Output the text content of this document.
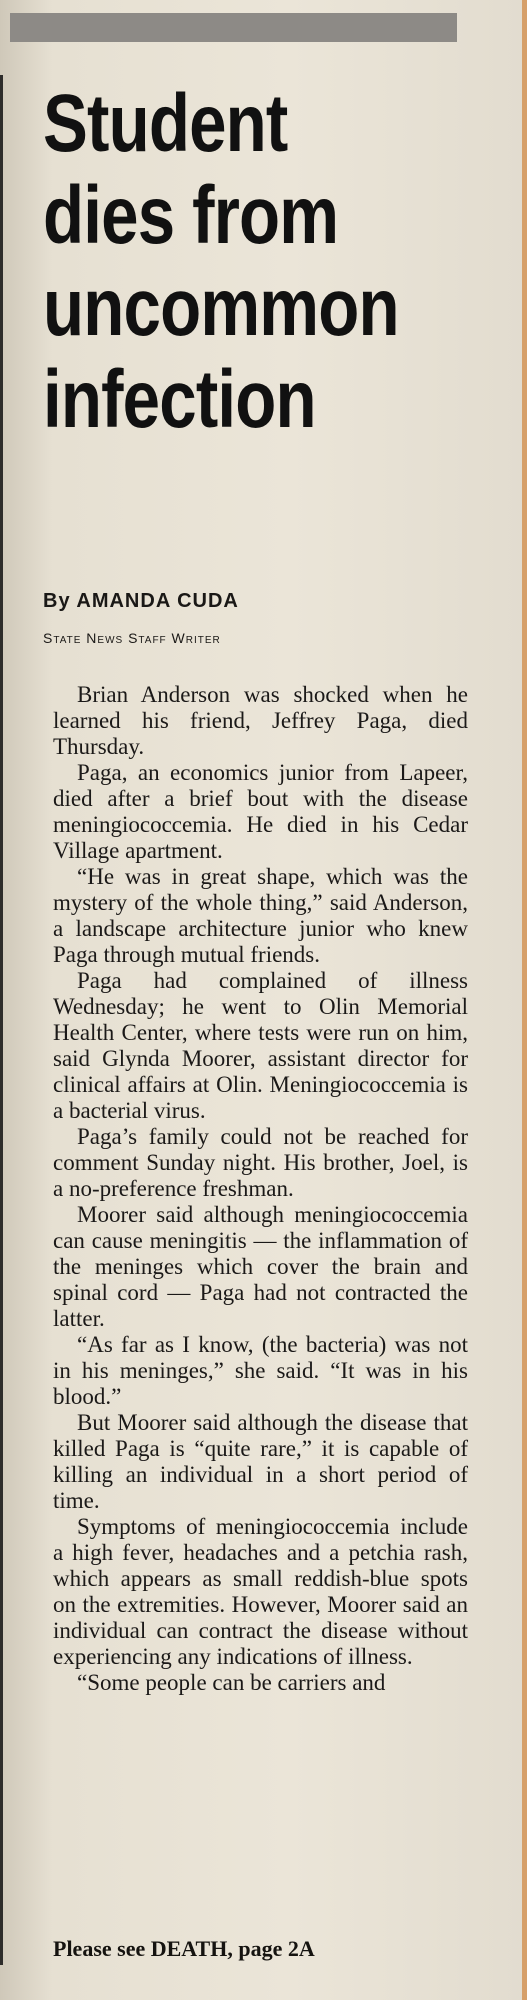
Student
dies from
uncommon
infection
By AMANDA CUDA
State News Staff Writer

Brian Anderson was shocked when he learned his friend, Jeffrey Paga, died Thursday.

Paga, an economics junior from Lapeer, died after a brief bout with the disease meningiococcemia. He died in his Cedar Village apartment.

“He was in great shape, which was the mystery of the whole thing,” said Anderson, a landscape architecture junior who knew Paga through mutual friends.

Paga had complained of illness Wednesday; he went to Olin Memorial Health Center, where tests were run on him, said Glynda Moorer, assistant director for clinical affairs at Olin. Meningiococcemia is a bacterial virus.

Paga’s family could not be reached for comment Sunday night. His brother, Joel, is a no-preference freshman.

Moorer said although meningiococcemia can cause meningitis — the inflammation of the meninges which cover the brain and spinal cord — Paga had not contracted the latter.

“As far as I know, (the bacteria) was not in his meninges,” she said. “It was in his blood.”

But Moorer said although the disease that killed Paga is “quite rare,” it is capable of killing an individual in a short period of time.

Symptoms of meningiococcemia include a high fever, headaches and a petchia rash, which appears as small reddish-blue spots on the extremities. However, Moorer said an individual can contract the disease without experiencing any indications of illness.

“Some people can be carriers and

Please see DEATH, page 2A
